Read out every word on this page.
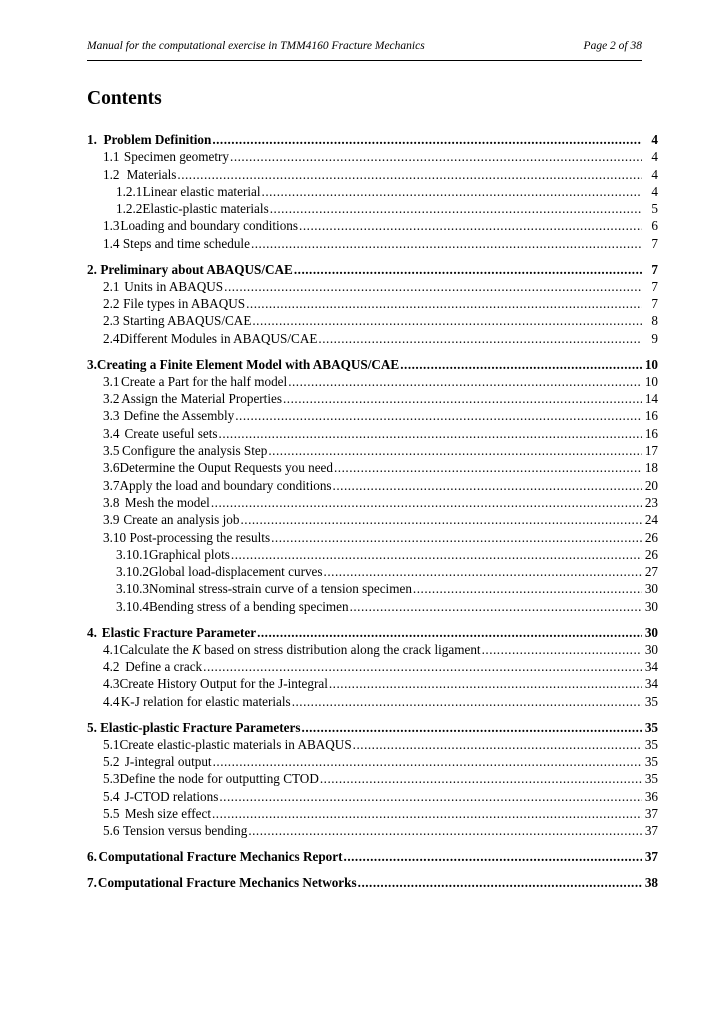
Manual for the computational exercise in TMM4160 Fracture Mechanics	Page 2 of 38
Contents
1. Problem Definition .....	4
1.1 Specimen geometry .....	4
1.2 Materials .....	4
1.2.1 Linear elastic material .....	4
1.2.2 Elastic-plastic materials .....	5
1.3 Loading and boundary conditions .....	6
1.4 Steps and time schedule .....	7
2. Preliminary about ABAQUS/CAE .....	7
2.1 Units in ABAQUS .....	7
2.2 File types in ABAQUS .....	7
2.3 Starting ABAQUS/CAE .....	8
2.4 Different Modules in ABAQUS/CAE .....	9
3. Creating a Finite Element Model with ABAQUS/CAE .....	10
3.1 Create a Part for the half model .....	10
3.2 Assign the Material Properties .....	14
3.3 Define the Assembly .....	16
3.4 Create useful sets .....	16
3.5 Configure the analysis Step .....	17
3.6 Determine the Ouput Requests you need .....	18
3.7 Apply the load and boundary conditions .....	20
3.8 Mesh the model .....	23
3.9 Create an analysis job .....	24
3.10 Post-processing the results .....	26
3.10.1 Graphical plots .....	26
3.10.2 Global load-displacement curves .....	27
3.10.3 Nominal stress-strain curve of a tension specimen .....	30
3.10.4 Bending stress of a bending specimen .....	30
4. Elastic Fracture Parameter .....	30
4.1 Calculate the K based on stress distribution along the crack ligament .....	30
4.2 Define a crack .....	34
4.3 Create History Output for the J-integral .....	34
4.4 K-J relation for elastic materials .....	35
5. Elastic-plastic Fracture Parameters .....	35
5.1 Create elastic-plastic materials in ABAQUS .....	35
5.2 J-integral output .....	35
5.3 Define the node for outputting CTOD .....	35
5.4 J-CTOD relations .....	36
5.5 Mesh size effect .....	37
5.6 Tension versus bending .....	37
6. Computational Fracture Mechanics Report .....	37
7. Computational Fracture Mechanics Networks .....	38
